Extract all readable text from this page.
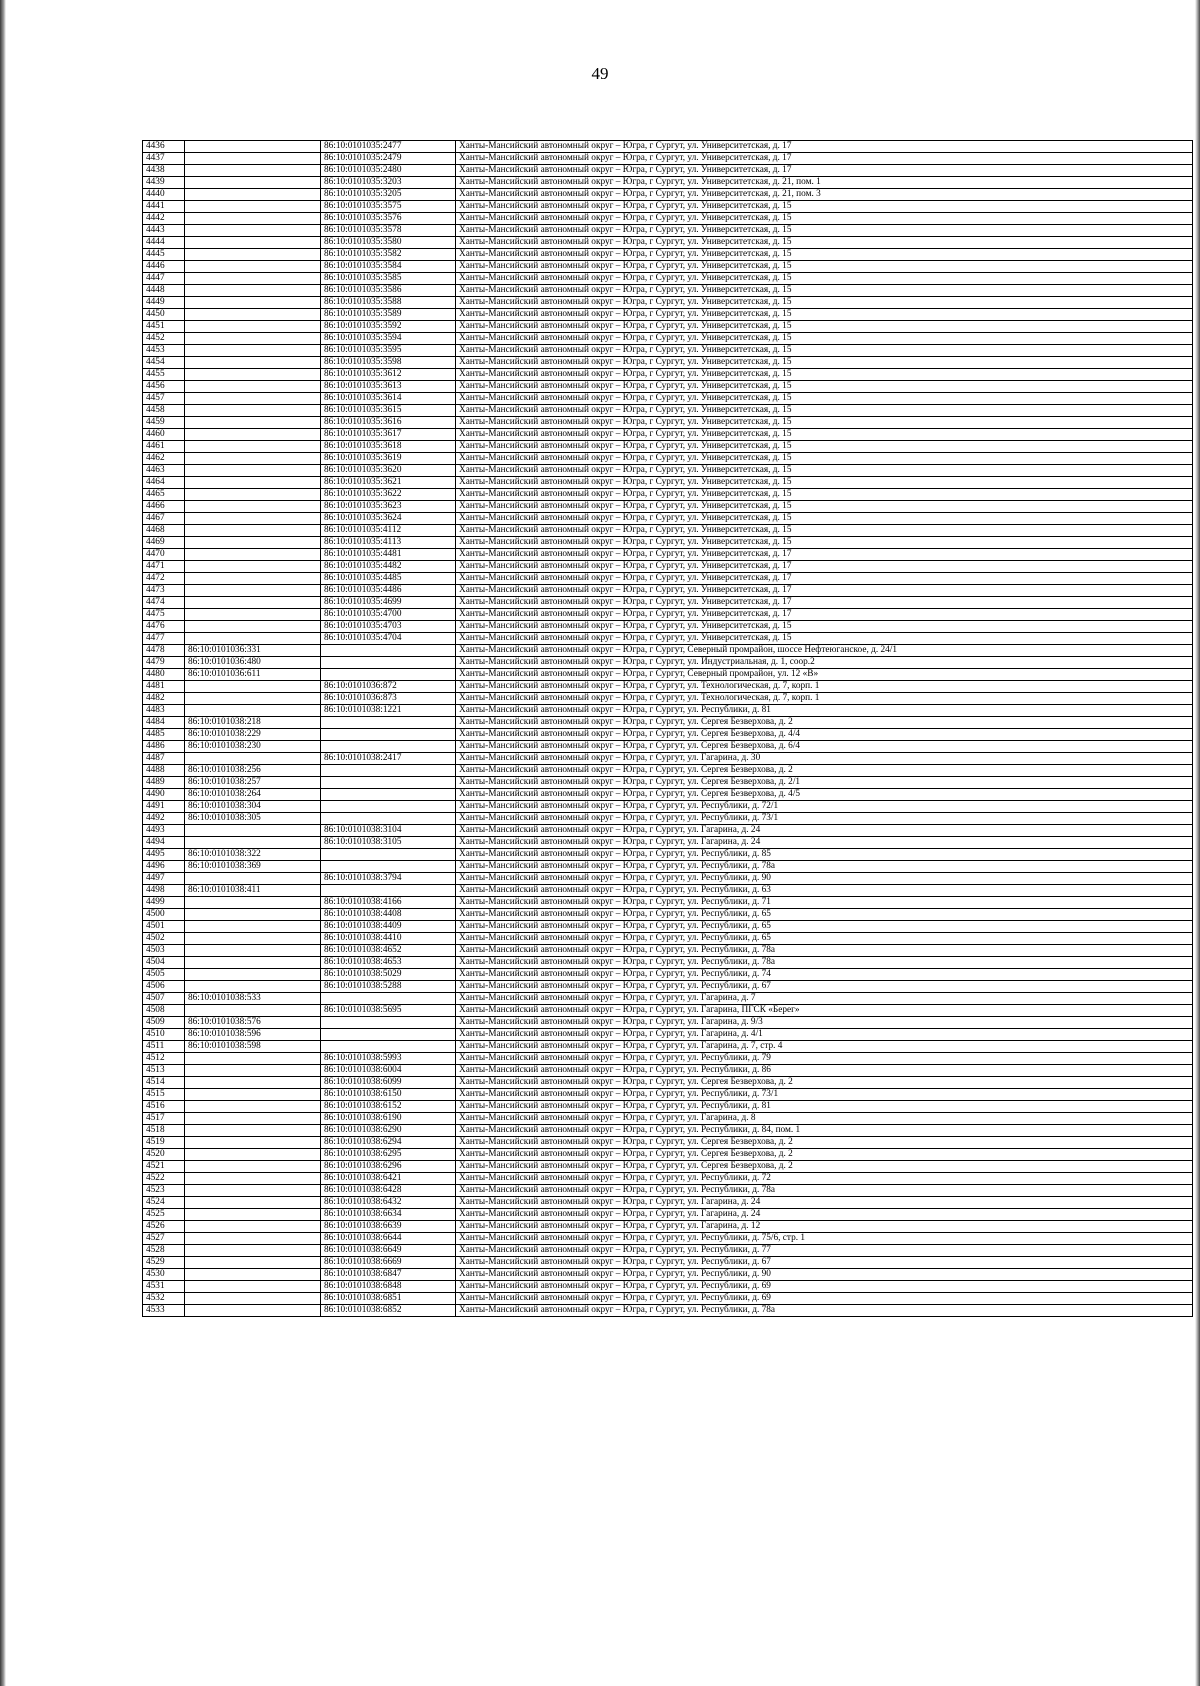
49
4436		86:10:0101035:2477	Ханты-Мансийский автономный округ – Югра, г Сургут, ул. Университетская, д. 17
4437		86:10:0101035:2479	Ханты-Мансийский автономный округ – Югра, г Сургут, ул. Университетская, д. 17
4438		86:10:0101035:2480	Ханты-Мансийский автономный округ – Югра, г Сургут, ул. Университетская, д. 17
4439		86:10:0101035:3203	Ханты-Мансийский автономный округ – Югра, г Сургут, ул. Университетская, д. 21, пом. 1
4440		86:10:0101035:3205	Ханты-Мансийский автономный округ – Югра, г Сургут, ул. Университетская, д. 21, пом. 3
4441		86:10:0101035:3575	Ханты-Мансийский автономный округ – Югра, г Сургут, ул. Университетская, д. 15
4442		86:10:0101035:3576	Ханты-Мансийский автономный округ – Югра, г Сургут, ул. Университетская, д. 15
4443		86:10:0101035:3578	Ханты-Мансийский автономный округ – Югра, г Сургут, ул. Университетская, д. 15
4444		86:10:0101035:3580	Ханты-Мансийский автономный округ – Югра, г Сургут, ул. Университетская, д. 15
4445		86:10:0101035:3582	Ханты-Мансийский автономный округ – Югра, г Сургут, ул. Университетская, д. 15
4446		86:10:0101035:3584	Ханты-Мансийский автономный округ – Югра, г Сургут, ул. Университетская, д. 15
4447		86:10:0101035:3585	Ханты-Мансийский автономный округ – Югра, г Сургут, ул. Университетская, д. 15
4448		86:10:0101035:3586	Ханты-Мансийский автономный округ – Югра, г Сургут, ул. Университетская, д. 15
4449		86:10:0101035:3588	Ханты-Мансийский автономный округ – Югра, г Сургут, ул. Университетская, д. 15
4450		86:10:0101035:3589	Ханты-Мансийский автономный округ – Югра, г Сургут, ул. Университетская, д. 15
4451		86:10:0101035:3592	Ханты-Мансийский автономный округ – Югра, г Сургут, ул. Университетская, д. 15
4452		86:10:0101035:3594	Ханты-Мансийский автономный округ – Югра, г Сургут, ул. Университетская, д. 15
4453		86:10:0101035:3595	Ханты-Мансийский автономный округ – Югра, г Сургут, ул. Университетская, д. 15
4454		86:10:0101035:3598	Ханты-Мансийский автономный округ – Югра, г Сургут, ул. Университетская, д. 15
4455		86:10:0101035:3612	Ханты-Мансийский автономный округ – Югра, г Сургут, ул. Университетская, д. 15
4456		86:10:0101035:3613	Ханты-Мансийский автономный округ – Югра, г Сургут, ул. Университетская, д. 15
4457		86:10:0101035:3614	Ханты-Мансийский автономный округ – Югра, г Сургут, ул. Университетская, д. 15
4458		86:10:0101035:3615	Ханты-Мансийский автономный округ – Югра, г Сургут, ул. Университетская, д. 15
4459		86:10:0101035:3616	Ханты-Мансийский автономный округ – Югра, г Сургут, ул. Университетская, д. 15
4460		86:10:0101035:3617	Ханты-Мансийский автономный округ – Югра, г Сургут, ул. Университетская, д. 15
4461		86:10:0101035:3618	Ханты-Мансийский автономный округ – Югра, г Сургут, ул. Университетская, д. 15
4462		86:10:0101035:3619	Ханты-Мансийский автономный округ – Югра, г Сургут, ул. Университетская, д. 15
4463		86:10:0101035:3620	Ханты-Мансийский автономный округ – Югра, г Сургут, ул. Университетская, д. 15
4464		86:10:0101035:3621	Ханты-Мансийский автономный округ – Югра, г Сургут, ул. Университетская, д. 15
4465		86:10:0101035:3622	Ханты-Мансийский автономный округ – Югра, г Сургут, ул. Университетская, д. 15
4466		86:10:0101035:3623	Ханты-Мансийский автономный округ – Югра, г Сургут, ул. Университетская, д. 15
4467		86:10:0101035:3624	Ханты-Мансийский автономный округ – Югра, г Сургут, ул. Университетская, д. 15
4468		86:10:0101035:4112	Ханты-Мансийский автономный округ – Югра, г Сургут, ул. Университетская, д. 15
4469		86:10:0101035:4113	Ханты-Мансийский автономный округ – Югра, г Сургут, ул. Университетская, д. 15
4470		86:10:0101035:4481	Ханты-Мансийский автономный округ – Югра, г Сургут, ул. Университетская, д. 17
4471		86:10:0101035:4482	Ханты-Мансийский автономный округ – Югра, г Сургут, ул. Университетская, д. 17
4472		86:10:0101035:4485	Ханты-Мансийский автономный округ – Югра, г Сургут, ул. Университетская, д. 17
4473		86:10:0101035:4486	Ханты-Мансийский автономный округ – Югра, г Сургут, ул. Университетская, д. 17
4474		86:10:0101035:4699	Ханты-Мансийский автономный округ – Югра, г Сургут, ул. Университетская, д. 17
4475		86:10:0101035:4700	Ханты-Мансийский автономный округ – Югра, г Сургут, ул. Университетская, д. 17
4476		86:10:0101035:4703	Ханты-Мансийский автономный округ – Югра, г Сургут, ул. Университетская, д. 15
4477		86:10:0101035:4704	Ханты-Мансийский автономный округ – Югра, г Сургут, ул. Университетская, д. 15
4478	86:10:0101036:331		Ханты-Мансийский автономный округ – Югра, г Сургут, Северный промрайон, шоссе Нефтеюганское, д. 24/1
4479	86:10:0101036:480		Ханты-Мансийский автономный округ – Югра, г Сургут, ул. Индустриальная, д. 1, соор.2
4480	86:10:0101036:611		Ханты-Мансийский автономный округ – Югра, г Сургут, Северный промрайон, ул. 12 «В»
4481		86:10:0101036:872	Ханты-Мансийский автономный округ – Югра, г Сургут, ул. Технологическая, д. 7, корп. 1
4482		86:10:0101036:873	Ханты-Мансийский автономный округ – Югра, г Сургут, ул. Технологическая, д. 7, корп. 1
4483		86:10:0101038:1221	Ханты-Мансийский автономный округ – Югра, г Сургут, ул. Республики, д. 81
4484	86:10:0101038:218		Ханты-Мансийский автономный округ – Югра, г Сургут, ул. Сергея Безверхова, д. 2
4485	86:10:0101038:229		Ханты-Мансийский автономный округ – Югра, г Сургут, ул. Сергея Безверхова, д. 4/4
4486	86:10:0101038:230		Ханты-Мансийский автономный округ – Югра, г Сургут, ул. Сергея Безверхова, д. 6/4
4487		86:10:0101038:2417	Ханты-Мансийский автономный округ – Югра, г Сургут, ул. Гагарина, д. 30
4488	86:10:0101038:256		Ханты-Мансийский автономный округ – Югра, г Сургут, ул. Сергея Безверхова, д. 2
4489	86:10:0101038:257		Ханты-Мансийский автономный округ – Югра, г Сургут, ул. Сергея Безверхова, д. 2/1
4490	86:10:0101038:264		Ханты-Мансийский автономный округ – Югра, г Сургут, ул. Сергея Безверхова, д. 4/5
4491	86:10:0101038:304		Ханты-Мансийский автономный округ – Югра, г Сургут, ул. Республики, д. 72/1
4492	86:10:0101038:305		Ханты-Мансийский автономный округ – Югра, г Сургут, ул. Республики, д. 73/1
4493		86:10:0101038:3104	Ханты-Мансийский автономный округ – Югра, г Сургут, ул. Гагарина, д. 24
4494		86:10:0101038:3105	Ханты-Мансийский автономный округ – Югра, г Сургут, ул. Гагарина, д. 24
4495	86:10:0101038:322		Ханты-Мансийский автономный округ – Югра, г Сургут, ул. Республики, д. 85
4496	86:10:0101038:369		Ханты-Мансийский автономный округ – Югра, г Сургут, ул. Республики, д. 78а
4497		86:10:0101038:3794	Ханты-Мансийский автономный округ – Югра, г Сургут, ул. Республики, д. 90
4498	86:10:0101038:411		Ханты-Мансийский автономный округ – Югра, г Сургут, ул. Республики, д. 63
4499		86:10:0101038:4166	Ханты-Мансийский автономный округ – Югра, г Сургут, ул. Республики, д. 71
4500		86:10:0101038:4408	Ханты-Мансийский автономный округ – Югра, г Сургут, ул. Республики, д. 65
4501		86:10:0101038:4409	Ханты-Мансийский автономный округ – Югра, г Сургут, ул. Республики, д. 65
4502		86:10:0101038:4410	Ханты-Мансийский автономный округ – Югра, г Сургут, ул. Республики, д. 65
4503		86:10:0101038:4652	Ханты-Мансийский автономный округ – Югра, г Сургут, ул. Республики, д. 78а
4504		86:10:0101038:4653	Ханты-Мансийский автономный округ – Югра, г Сургут, ул. Республики, д. 78а
4505		86:10:0101038:5029	Ханты-Мансийский автономный округ – Югра, г Сургут, ул. Республики, д. 74
4506		86:10:0101038:5288	Ханты-Мансийский автономный округ – Югра, г Сургут, ул. Республики, д. 67
4507	86:10:0101038:533		Ханты-Мансийский автономный округ – Югра, г Сургут, ул. Гагарина, д. 7
4508		86:10:0101038:5695	Ханты-Мансийский автономный округ – Югра, г Сургут, ул. Гагарина, ПГСК «Берег»
4509	86:10:0101038:576		Ханты-Мансийский автономный округ – Югра, г Сургут, ул. Гагарина, д. 9/3
4510	86:10:0101038:596		Ханты-Мансийский автономный округ – Югра, г Сургут, ул. Гагарина, д. 4/1
4511	86:10:0101038:598		Ханты-Мансийский автономный округ – Югра, г Сургут, ул. Гагарина, д. 7, стр. 4
4512		86:10:0101038:5993	Ханты-Мансийский автономный округ – Югра, г Сургут, ул. Республики, д. 79
4513		86:10:0101038:6004	Ханты-Мансийский автономный округ – Югра, г Сургут, ул. Республики, д. 86
4514		86:10:0101038:6099	Ханты-Мансийский автономный округ – Югра, г Сургут, ул. Сергея Безверхова, д. 2
4515		86:10:0101038:6150	Ханты-Мансийский автономный округ – Югра, г Сургут, ул. Республики, д. 73/1
4516		86:10:0101038:6152	Ханты-Мансийский автономный округ – Югра, г Сургут, ул. Республики, д. 81
4517		86:10:0101038:6190	Ханты-Мансийский автономный округ – Югра, г Сургут, ул. Гагарина, д. 8
4518		86:10:0101038:6290	Ханты-Мансийский автономный округ – Югра, г Сургут, ул. Республики, д. 84, пом. 1
4519		86:10:0101038:6294	Ханты-Мансийский автономный округ – Югра, г Сургут, ул. Сергея Безверхова, д. 2
4520		86:10:0101038:6295	Ханты-Мансийский автономный округ – Югра, г Сургут, ул. Сергея Безверхова, д. 2
4521		86:10:0101038:6296	Ханты-Мансийский автономный округ – Югра, г Сургут, ул. Сергея Безверхова, д. 2
4522		86:10:0101038:6421	Ханты-Мансийский автономный округ – Югра, г Сургут, ул. Республики, д. 72
4523		86:10:0101038:6428	Ханты-Мансийский автономный округ – Югра, г Сургут, ул. Республики, д. 78а
4524		86:10:0101038:6432	Ханты-Мансийский автономный округ – Югра, г Сургут, ул. Гагарина, д. 24
4525		86:10:0101038:6634	Ханты-Мансийский автономный округ – Югра, г Сургут, ул. Гагарина, д. 24
4526		86:10:0101038:6639	Ханты-Мансийский автономный округ – Югра, г Сургут, ул. Гагарина, д. 12
4527		86:10:0101038:6644	Ханты-Мансийский автономный округ – Югра, г Сургут, ул. Республики, д. 75/6, стр. 1
4528		86:10:0101038:6649	Ханты-Мансийский автономный округ – Югра, г Сургут, ул. Республики, д. 77
4529		86:10:0101038:6669	Ханты-Мансийский автономный округ – Югра, г Сургут, ул. Республики, д. 67
4530		86:10:0101038:6847	Ханты-Мансийский автономный округ – Югра, г Сургут, ул. Республики, д. 90
4531		86:10:0101038:6848	Ханты-Мансийский автономный округ – Югра, г Сургут, ул. Республики, д. 69
4532		86:10:0101038:6851	Ханты-Мансийский автономный округ – Югра, г Сургут, ул. Республики, д. 69
4533		86:10:0101038:6852	Ханты-Мансийский автономный округ – Югра, г Сургут, ул. Республики, д. 78а
